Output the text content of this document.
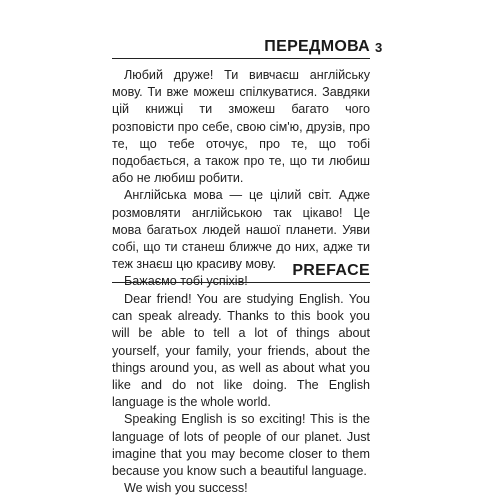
3
ПЕРЕДМОВА

Любий друже! Ти вивчаєш англійську мову. Ти вже можеш спілкуватися. Завдяки цій книжці ти зможеш багато чого розповісти про себе, свою сім'ю, друзів, про те, що тебе оточує, про те, що тобі подобається, а також про те, що ти любиш або не любиш робити.

Англійська мова — це цілий світ. Адже розмовляти англійською так цікаво! Це мова багатьох людей нашої планети. Уяви собі, що ти станеш ближче до них, адже ти теж знаєш цю красиву мову.

Бажаємо тобі успіхів!

PREFACE

Dear friend! You are studying English. You can speak already. Thanks to this book you will be able to tell a lot of things about yourself, your family, your friends, about the things around you, as well as about what you like and do not like doing. The English language is the whole world.

Speaking English is so exciting! This is the language of lots of people of our planet. Just imagine that you may become closer to them because you know such a beautiful language.

We wish you success!
